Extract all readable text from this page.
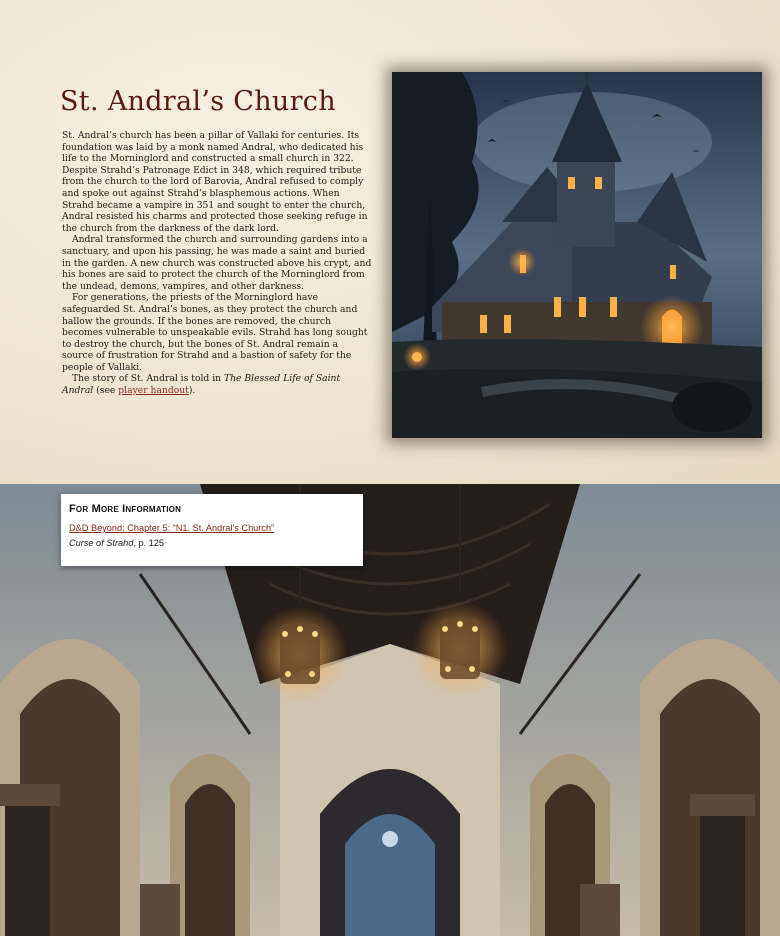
St. Andral’s Church

St. Andral’s church has been a pillar of Vallaki for centuries. Its foundation was laid by a monk named Andral, who dedicated his life to the Morninglord and constructed a small church in 322. Despite Strahd’s Patronage Edict in 348, which required tribute from the church to the lord of Barovia, Andral refused to comply and spoke out against Strahd’s blasphemous actions. When Strahd became a vampire in 351 and sought to enter the church, Andral resisted his charms and protected those seeking refuge in the church from the darkness of the dark lord.

Andral transformed the church and surrounding gardens into a sanctuary, and upon his passing, he was made a saint and buried in the garden. A new church was constructed above his crypt, and his bones are said to protect the church of the Morninglord from the undead, demons, vampires, and other darkness.

For generations, the priests of the Morninglord have safeguarded St. Andral’s bones, as they protect the church and hallow the grounds. If the bones are removed, the church becomes vulnerable to unspeakable evils. Strahd has long sought to destroy the church, but the bones of St. Andral remain a source of frustration for Strahd and a bastion of safety for the people of Vallaki.

The story of St. Andral is told in The Blessed Life of Saint Andral (see player handout).

For More Information
D&D Beyond: Chapter 5: “N1. St. Andral’s Church”
Curse of Strahd, p. 125
